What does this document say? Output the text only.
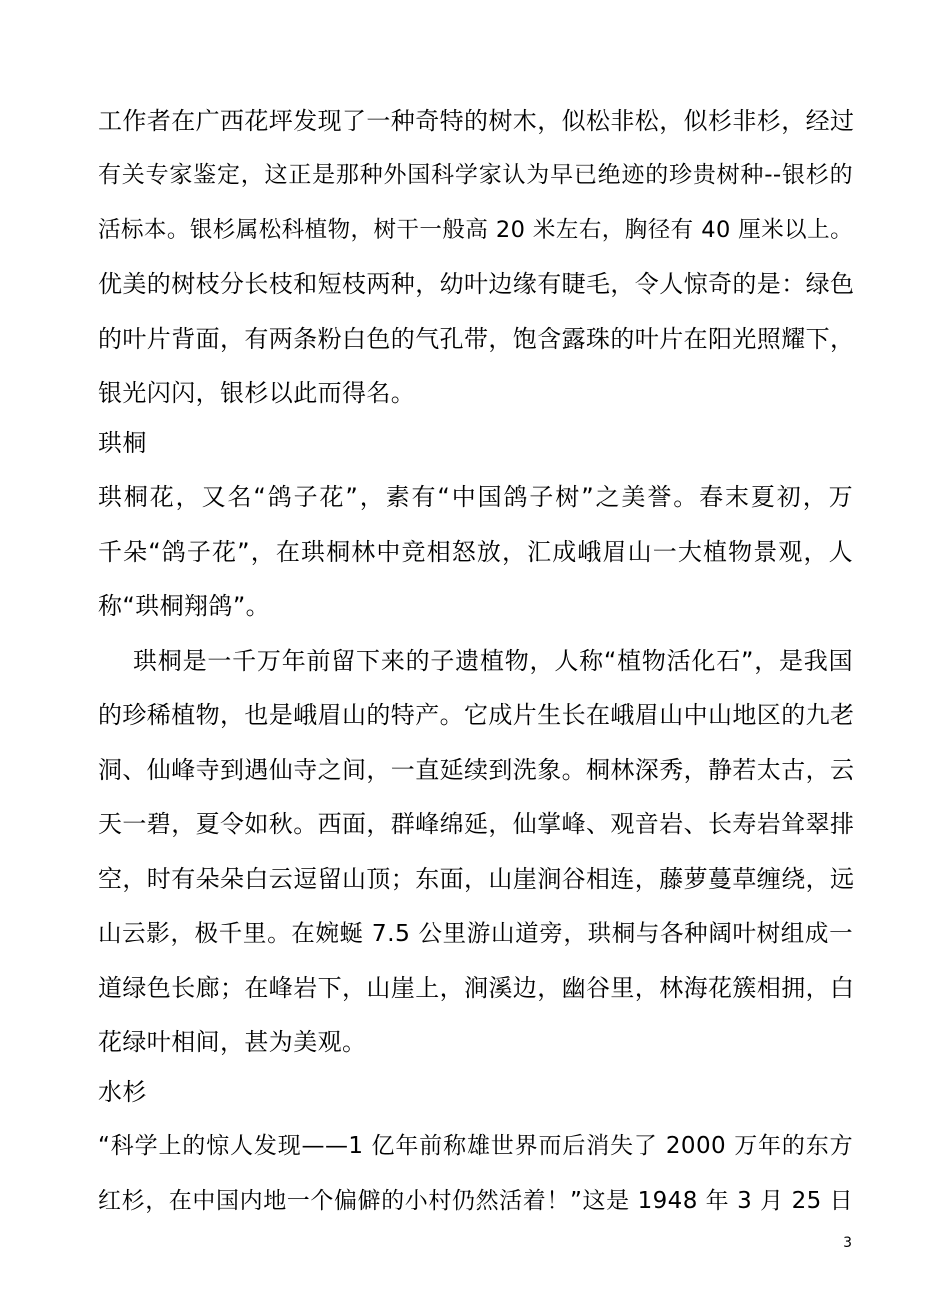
工作者在广西花坪发现了一种奇特的树木，似松非松，似杉非杉，经过
有关专家鉴定，这正是那种外国科学家认为早已绝迹的珍贵树种--银杉的
活标本。银杉属松科植物，树干一般高 20 米左右，胸径有 40 厘米以上。
优美的树枝分长枝和短枝两种，幼叶边缘有睫毛，令人惊奇的是：绿色
的叶片背面，有两条粉白色的气孔带，饱含露珠的叶片在阳光照耀下，
银光闪闪，银杉以此而得名。
珙桐
珙桐花，又名“鸽子花”，素有“中国鸽子树”之美誉。春末夏初，万
千朵“鸽子花”，在珙桐林中竞相怒放，汇成峨眉山一大植物景观，人
称“珙桐翔鸽”。
珙桐是一千万年前留下来的子遗植物，人称“植物活化石”，是我国
的珍稀植物，也是峨眉山的特产。它成片生长在峨眉山中山地区的九老
洞、仙峰寺到遇仙寺之间，一直延续到洗象。桐林深秀，静若太古，云
天一碧，夏令如秋。西面，群峰绵延，仙掌峰、观音岩、长寿岩耸翠排
空，时有朵朵白云逗留山顶；东面，山崖涧谷相连，藤萝蔓草缠绕，远
山云影，极千里。在婉蜒 7.5 公里游山道旁，珙桐与各种阔叶树组成一
道绿色长廊；在峰岩下，山崖上，涧溪边，幽谷里，林海花簇相拥，白
花绿叶相间，甚为美观。
水杉
“科学上的惊人发现——1 亿年前称雄世界而后消失了 2000 万年的东方
红杉，在中国内地一个偏僻的小村仍然活着！”这是 1948 年 3 月 25 日
3
